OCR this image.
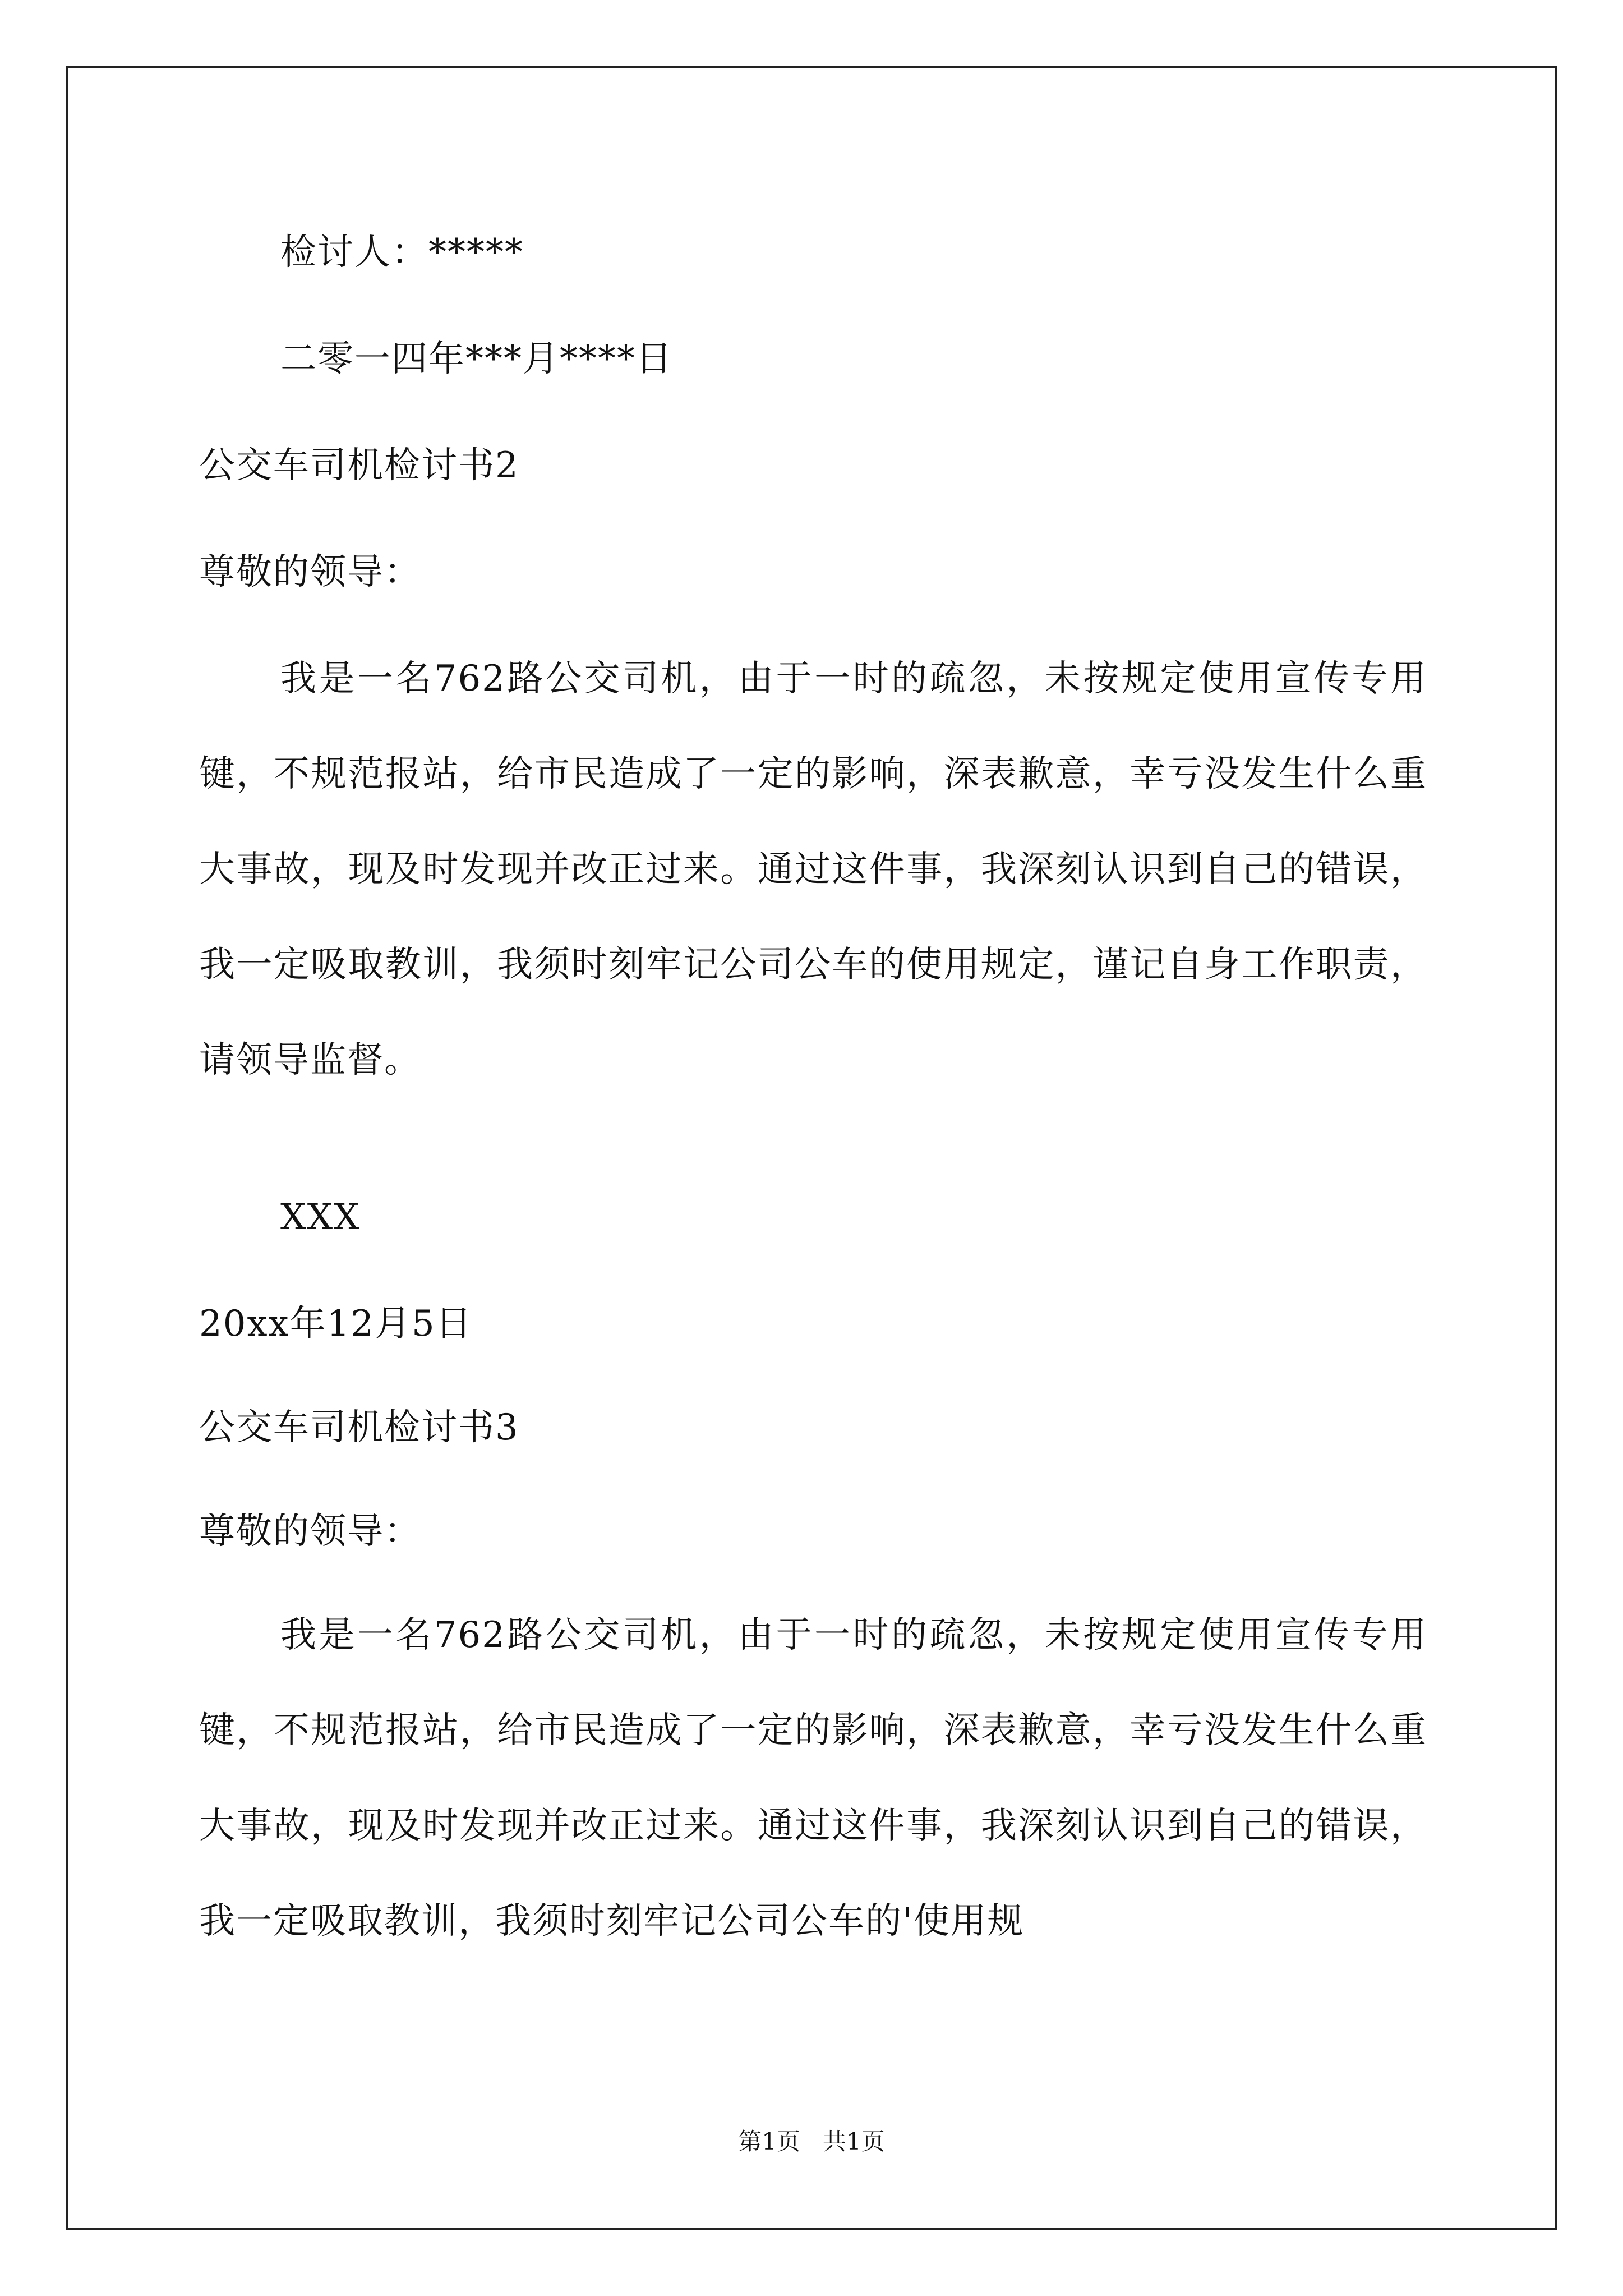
检讨人：*****
二零一四年***月****日
公交车司机检讨书2
尊敬的领导：
我是一名762路公交司机，由于一时的疏忽，未按规定使用宣传专用键，不规范报站，给市民造成了一定的影响，深表歉意，幸亏没发生什么重大事故，现及时发现并改正过来。通过这件事，我深刻认识到自己的错误，我一定吸取教训，我须时刻牢记公司公车的使用规定，谨记自身工作职责，请领导监督。
XXX
20xx年12月5日
公交车司机检讨书3
尊敬的领导：
我是一名762路公交司机，由于一时的疏忽，未按规定使用宣传专用键，不规范报站，给市民造成了一定的影响，深表歉意，幸亏没发生什么重大事故，现及时发现并改正过来。通过这件事，我深刻认识到自己的错误，我一定吸取教训，我须时刻牢记公司公车的'使用规
第1页   共1页
